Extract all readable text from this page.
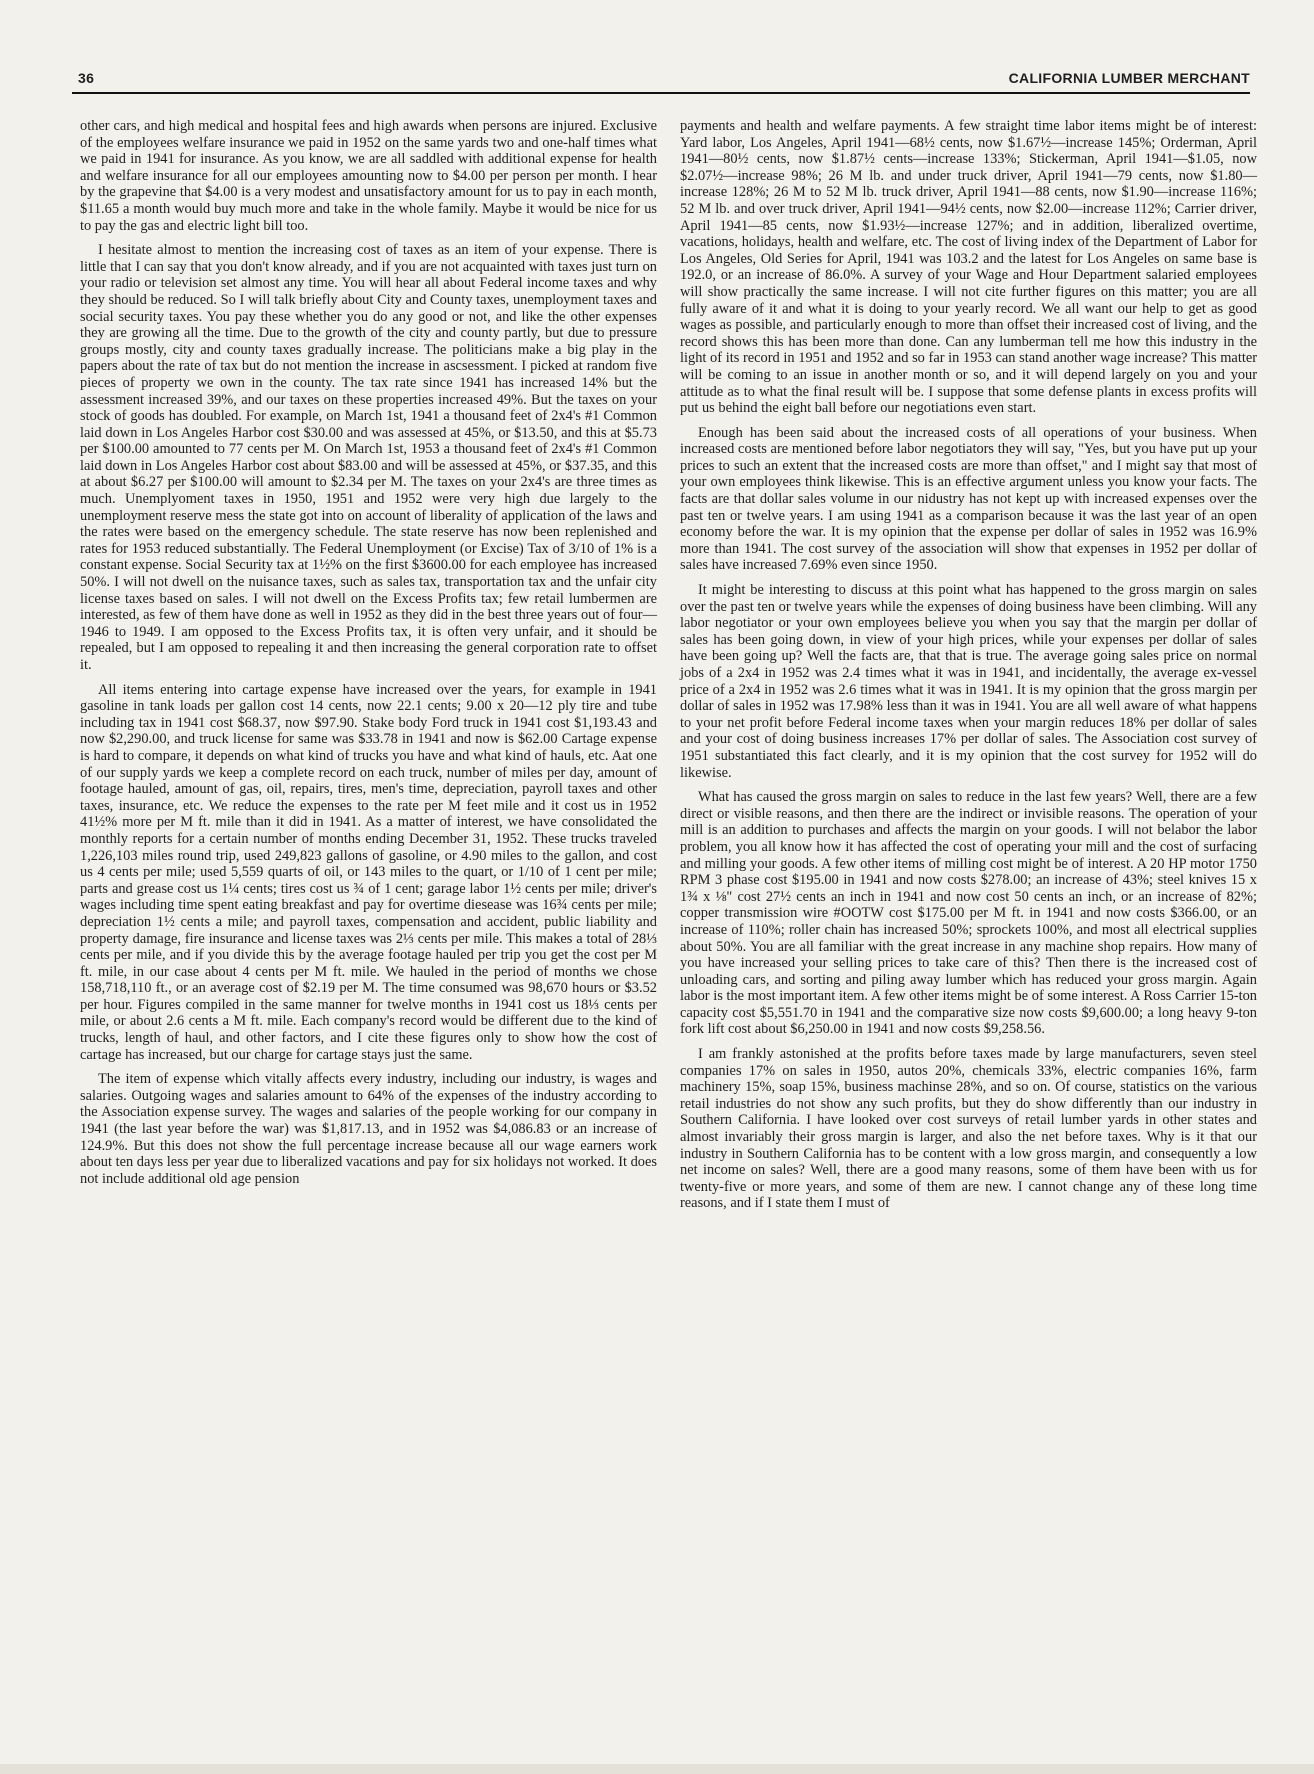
36	CALIFORNIA LUMBER MERCHANT

other cars, and high medical and hospital fees and high awards when persons are injured. Exclusive of the employees welfare insurance we paid in 1952 on the same yards two and one-half times what we paid in 1941 for insurance. As you know, we are all saddled with additional expense for health and welfare insurance for all our employees amounting now to $4.00 per person per month. I hear by the grapevine that $4.00 is a very modest and unsatisfactory amount for us to pay in each month, $11.65 a month would buy much more and take in the whole family. Maybe it would be nice for us to pay the gas and electric light bill too.

I hesitate almost to mention the increasing cost of taxes as an item of your expense. There is little that I can say that you don't know already, and if you are not acquainted with taxes just turn on your radio or television set almost any time. You will hear all about Federal income taxes and why they should be reduced. So I will talk briefly about City and County taxes, unemployment taxes and social security taxes. You pay these whether you do any good or not, and like the other expenses they are growing all the time. Due to the growth of the city and county partly, but due to pressure groups mostly, city and county taxes gradually increase. The politicians make a big play in the papers about the rate of tax but do not mention the increase in ascsessment. I picked at random five pieces of property we own in the county. The tax rate since 1941 has increased 14% but the assessment increased 39%, and our taxes on these properties increased 49%. But the taxes on your stock of goods has doubled. For example, on March 1st, 1941 a thousand feet of 2x4's #1 Common laid down in Los Angeles Harbor cost $30.00 and was assessed at 45%, or $13.50, and this at $5.73 per $100.00 amounted to 77 cents per M. On March 1st, 1953 a thousand feet of 2x4's #1 Common laid down in Los Angeles Harbor cost about $83.00 and will be assessed at 45%, or $37.35, and this at about $6.27 per $100.00 will amount to $2.34 per M. The taxes on your 2x4's are three times as much. Unemplyoment taxes in 1950, 1951 and 1952 were very high due largely to the unemployment reserve mess the state got into on account of liberality of application of the laws and the rates were based on the emergency schedule. The state reserve has now been replenished and rates for 1953 reduced substantially. The Federal Unemployment (or Excise) Tax of 3/10 of 1% is a constant expense. Social Security tax at 1½% on the first $3600.00 for each employee has increased 50%. I will not dwell on the nuisance taxes, such as sales tax, transportation tax and the unfair city license taxes based on sales. I will not dwell on the Excess Profits tax; few retail lumbermen are interested, as few of them have done as well in 1952 as they did in the best three years out of four—1946 to 1949. I am opposed to the Excess Profits tax, it is often very unfair, and it should be repealed, but I am opposed to repealing it and then increasing the general corporation rate to offset it.

All items entering into cartage expense have increased over the years, for example in 1941 gasoline in tank loads per gallon cost 14 cents, now 22.1 cents; 9.00 x 20—12 ply tire and tube including tax in 1941 cost $68.37, now $97.90. Stake body Ford truck in 1941 cost $1,193.43 and now $2,290.00, and truck license for same was $33.78 in 1941 and now is $62.00 Cartage expense is hard to compare, it depends on what kind of trucks you have and what kind of hauls, etc. Aat one of our supply yards we keep a complete record on each truck, number of miles per day, amount of footage hauled, amount of gas, oil, repairs, tires, men's time, depreciation, payroll taxes and other taxes, insurance, etc. We reduce the expenses to the rate per M feet mile and it cost us in 1952 41½% more per M ft. mile than it did in 1941. As a matter of interest, we have consolidated the monthly reports for a certain number of months ending December 31, 1952. These trucks traveled 1,226,103 miles round trip, used 249,823 gallons of gasoline, or 4.90 miles to the gallon, and cost us 4 cents per mile; used 5,559 quarts of oil, or 143 miles to the quart, or 1/10 of 1 cent per mile; parts and grease cost us 1¼ cents; tires cost us ¾ of 1 cent; garage labor 1½ cents per mile; driver's wages including time spent eating breakfast and pay for overtime diesease was 16¾ cents per mile; depreciation 1½ cents a mile; and payroll taxes, compensation and accident, public liability and property damage, fire insurance and license taxes was 2⅓ cents per mile. This makes a total of 28⅓ cents per mile, and if you divide this by the average footage hauled per trip you get the cost per M ft. mile, in our case about 4 cents per M ft. mile. We hauled in the period of months we chose 158,718,110 ft., or an average cost of $2.19 per M. The time consumed was 98,670 hours or $3.52 per hour. Figures compiled in the same manner for twelve months in 1941 cost us 18⅓ cents per mile, or about 2.6 cents a M ft. mile. Each company's record would be different due to the kind of trucks, length of haul, and other factors, and I cite these figures only to show how the cost of cartage has increased, but our charge for cartage stays just the same.

The item of expense which vitally affects every industry, including our industry, is wages and salaries. Outgoing wages and salaries amount to 64% of the expenses of the industry according to the Association expense survey. The wages and salaries of the people working for our company in 1941 (the last year before the war) was $1,817.13, and in 1952 was $4,086.83 or an increase of 124.9%. But this does not show the full percentage increase because all our wage earners work about ten days less per year due to liberalized vacations and pay for six holidays not worked. It does not include additional old age pension

payments and health and welfare payments. A few straight time labor items might be of interest: Yard labor, Los Angeles, April 1941—68½ cents, now $1.67½—increase 145%; Orderman, April 1941—80½ cents, now $1.87½ cents—increase 133%; Stickerman, April 1941—$1.05, now $2.07½—increase 98%; 26 M lb. and under truck driver, April 1941—79 cents, now $1.80—increase 128%; 26 M to 52 M lb. truck driver, April 1941—88 cents, now $1.90—increase 116%; 52 M lb. and over truck driver, April 1941—94½ cents, now $2.00—increase 112%; Carrier driver, April 1941—85 cents, now $1.93½—increase 127%; and in addition, liberalized overtime, vacations, holidays, health and welfare, etc. The cost of living index of the Department of Labor for Los Angeles, Old Series for April, 1941 was 103.2 and the latest for Los Angeles on same base is 192.0, or an increase of 86.0%. A survey of your Wage and Hour Department salaried employees will show practically the same increase. I will not cite further figures on this matter; you are all fully aware of it and what it is doing to your yearly record. We all want our help to get as good wages as possible, and particularly enough to more than offset their increased cost of living, and the record shows this has been more than done. Can any lumberman tell me how this industry in the light of its record in 1951 and 1952 and so far in 1953 can stand another wage increase? This matter will be coming to an issue in another month or so, and it will depend largely on you and your attitude as to what the final result will be. I suppose that some defense plants in excess profits will put us behind the eight ball before our negotiations even start.

Enough has been said about the increased costs of all operations of your business. When increased costs are mentioned before labor negotiators they will say, "Yes, but you have put up your prices to such an extent that the increased costs are more than offset," and I might say that most of your own employees think likewise. This is an effective argument unless you know your facts. The facts are that dollar sales volume in our nidustry has not kept up with increased expenses over the past ten or twelve years. I am using 1941 as a comparison because it was the last year of an open economy before the war. It is my opinion that the expense per dollar of sales in 1952 was 16.9% more than 1941. The cost survey of the association will show that expenses in 1952 per dollar of sales have increased 7.69% even since 1950.

It might be interesting to discuss at this point what has happened to the gross margin on sales over the past ten or twelve years while the expenses of doing business have been climbing. Will any labor negotiator or your own employees believe you when you say that the margin per dollar of sales has been going down, in view of your high prices, while your expenses per dollar of sales have been going up? Well the facts are, that that is true. The average going sales price on normal jobs of a 2x4 in 1952 was 2.4 times what it was in 1941, and incidentally, the average ex-vessel price of a 2x4 in 1952 was 2.6 times what it was in 1941. It is my opinion that the gross margin per dollar of sales in 1952 was 17.98% less than it was in 1941. You are all well aware of what happens to your net profit before Federal income taxes when your margin reduces 18% per dollar of sales and your cost of doing business increases 17% per dollar of sales. The Association cost survey of 1951 substantiated this fact clearly, and it is my opinion that the cost survey for 1952 will do likewise.

What has caused the gross margin on sales to reduce in the last few years? Well, there are a few direct or visible reasons, and then there are the indirect or invisible reasons. The operation of your mill is an addition to purchases and affects the margin on your goods. I will not belabor the labor problem, you all know how it has affected the cost of operating your mill and the cost of surfacing and milling your goods. A few other items of milling cost might be of interest. A 20 HP motor 1750 RPM 3 phase cost $195.00 in 1941 and now costs $278.00; an increase of 43%; steel knives 15 x 1¾ x ⅛" cost 27½ cents an inch in 1941 and now cost 50 cents an inch, or an increase of 82%; copper transmission wire #OOTW cost $175.00 per M ft. in 1941 and now costs $366.00, or an increase of 110%; roller chain has increased 50%; sprockets 100%, and most all electrical supplies about 50%. You are all familiar with the great increase in any machine shop repairs. How many of you have increased your selling prices to take care of this? Then there is the increased cost of unloading cars, and sorting and piling away lumber which has reduced your gross margin. Again labor is the most important item. A few other items might be of some interest. A Ross Carrier 15-ton capacity cost $5,551.70 in 1941 and the comparative size now costs $9,600.00; a long heavy 9-ton fork lift cost about $6,250.00 in 1941 and now costs $9,258.56.

I am frankly astonished at the profits before taxes made by large manufacturers, seven steel companies 17% on sales in 1950, autos 20%, chemicals 33%, electric companies 16%, farm machinery 15%, soap 15%, business machinse 28%, and so on. Of course, statistics on the various retail industries do not show any such profits, but they do show differently than our industry in Southern California. I have looked over cost surveys of retail lumber yards in other states and almost invariably their gross margin is larger, and also the net before taxes. Why is it that our industry in Southern California has to be content with a low gross margin, and consequently a low net income on sales? Well, there are a good many reasons, some of them have been with us for twenty-five or more years, and some of them are new. I cannot change any of these long time reasons, and if I state them I must of
